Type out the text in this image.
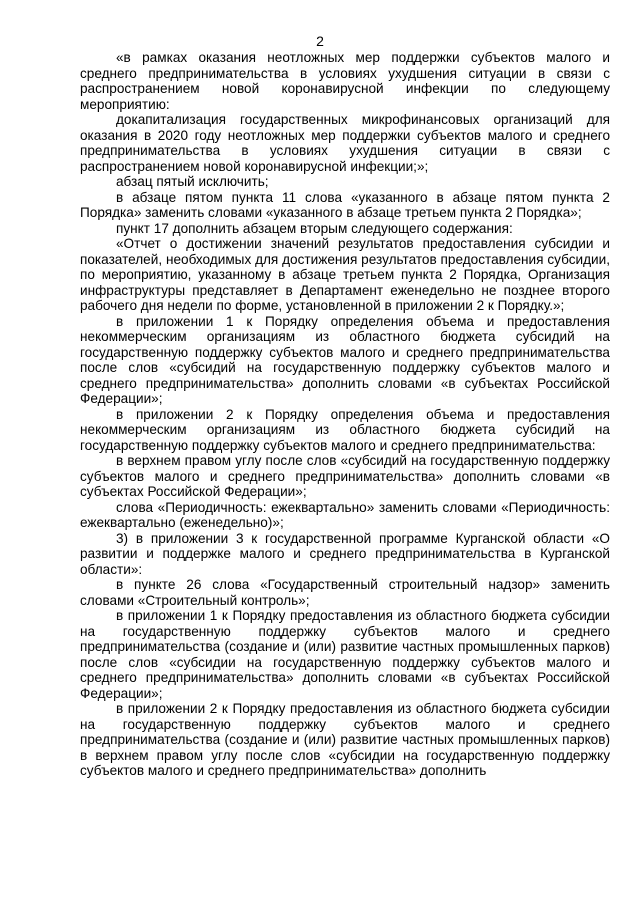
2

«в рамках оказания неотложных мер поддержки субъектов малого и среднего предпринимательства в условиях ухудшения ситуации в связи с распространением новой коронавирусной инфекции по следующему мероприятию:

докапитализация государственных микрофинансовых организаций для оказания в 2020 году неотложных мер поддержки субъектов малого и среднего предпринимательства в условиях ухудшения ситуации в связи с распространением новой коронавирусной инфекции;»;

абзац пятый исключить;

в абзаце пятом пункта 11 слова «указанного в абзаце пятом пункта 2 Порядка» заменить словами «указанного в абзаце третьем пункта 2 Порядка»;

пункт 17 дополнить абзацем вторым следующего содержания:

«Отчет о достижении значений результатов предоставления субсидии и показателей, необходимых для достижения результатов предоставления субсидии, по мероприятию, указанному в абзаце третьем пункта 2 Порядка, Организация инфраструктуры представляет в Департамент еженедельно не позднее второго рабочего дня недели по форме, установленной в приложении 2 к Порядку.»;

в приложении 1 к Порядку определения объема и предоставления некоммерческим организациям из областного бюджета субсидий на государственную поддержку субъектов малого и среднего предпринимательства после слов «субсидий на государственную поддержку субъектов малого и среднего предпринимательства» дополнить словами «в субъектах Российской Федерации»;

в приложении 2 к Порядку определения объема и предоставления некоммерческим организациям из областного бюджета субсидий на государственную поддержку субъектов малого и среднего предпринимательства:

в верхнем правом углу после слов «субсидий на государственную поддержку субъектов малого и среднего предпринимательства» дополнить словами «в субъектах Российской Федерации»;

слова «Периодичность: ежеквартально» заменить словами «Периодичность: ежеквартально (еженедельно)»;

3) в приложении 3 к государственной программе Курганской области «О развитии и поддержке малого и среднего предпринимательства в Курганской области»:

в пункте 26 слова «Государственный строительный надзор» заменить словами «Строительный контроль»;

в приложении 1 к Порядку предоставления из областного бюджета субсидии на государственную поддержку субъектов малого и среднего предпринимательства (создание и (или) развитие частных промышленных парков) после слов «субсидии на государственную поддержку субъектов малого и среднего предпринимательства» дополнить словами «в субъектах Российской Федерации»;

в приложении 2 к Порядку предоставления из областного бюджета субсидии на государственную поддержку субъектов малого и среднего предпринимательства (создание и (или) развитие частных промышленных парков) в верхнем правом углу после слов «субсидии на государственную поддержку субъектов малого и среднего предпринимательства» дополнить
